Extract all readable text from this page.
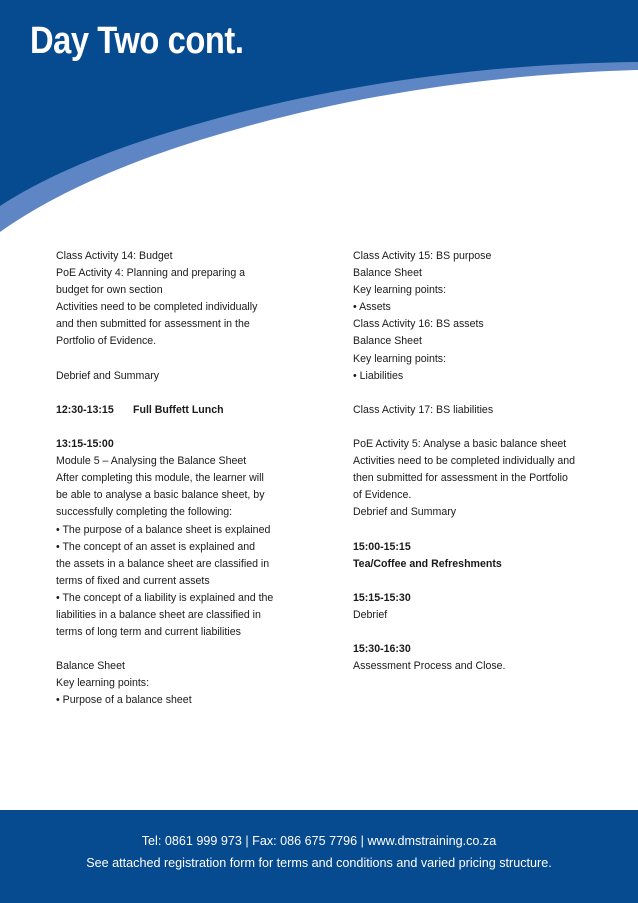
Day Two cont.
Class Activity 14: Budget
PoE Activity 4: Planning and preparing a
budget for own section
Activities need to be completed individually
and then submitted for assessment in the
Portfolio of Evidence.
Debrief and Summary
12:30-13:15	Full Buffett Lunch
13:15-15:00
Module 5 – Analysing the Balance Sheet
After completing this module, the learner will
be able to analyse a basic balance sheet, by
successfully completing the following:
• The purpose of a balance sheet is explained
• The concept of an asset is explained and
the assets in a balance sheet are classified in
terms of fixed and current assets
• The concept of a liability is explained and the
liabilities in a balance sheet are classified in
terms of long term and current liabilities
Balance Sheet
Key learning points:
• Purpose of a balance sheet
Class Activity 15: BS purpose
Balance Sheet
Key learning points:
• Assets
Class Activity 16: BS assets
Balance Sheet
Key learning points:
• Liabilities
Class Activity 17: BS liabilities
PoE Activity 5: Analyse a basic balance sheet
Activities need to be completed individually and
then submitted for assessment in the Portfolio
of Evidence.
Debrief and Summary
15:00-15:15
Tea/Coffee and Refreshments
15:15-15:30
Debrief
15:30-16:30
Assessment Process and Close.
Tel: 0861 999 973 | Fax: 086 675 7796 | www.dmstraining.co.za
See attached registration form for terms and conditions and varied pricing structure.
